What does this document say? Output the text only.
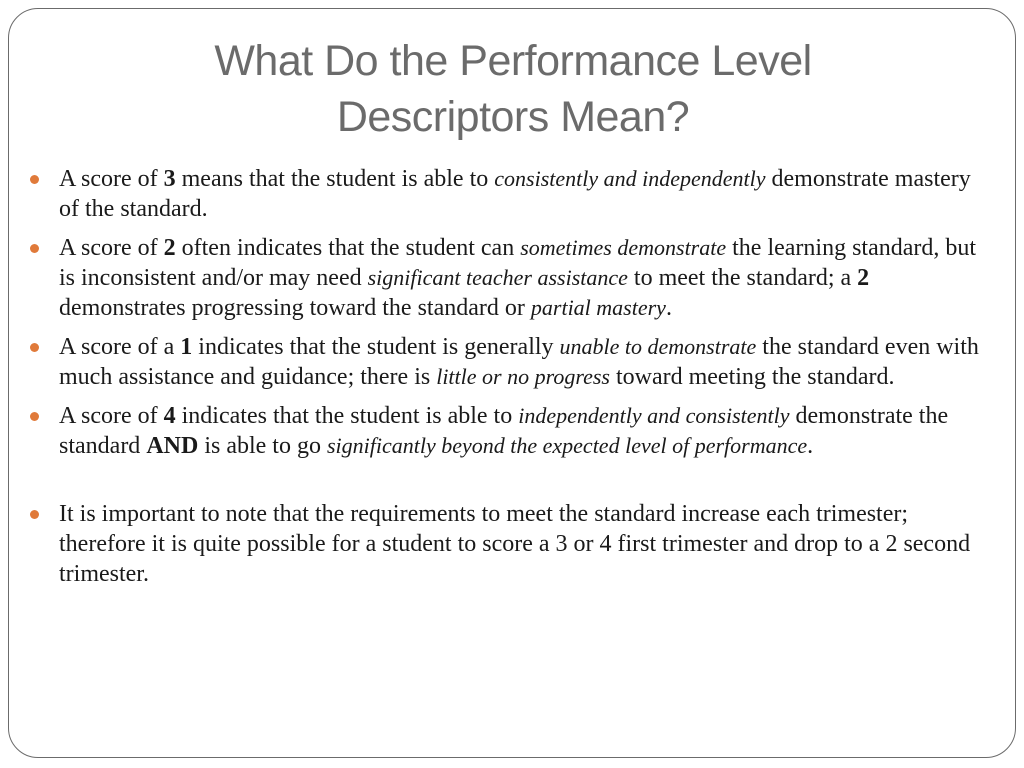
What Do the Performance Level
Descriptors Mean?
A score of 3 means that the student is able to consistently and independently demonstrate mastery of the standard.
A score of 2 often indicates that the student can sometimes demonstrate the learning standard, but is inconsistent and/or may need significant teacher assistance to meet the standard; a 2 demonstrates progressing toward the standard or partial mastery.
A score of a 1 indicates that the student is generally unable to demonstrate the standard even with much assistance and guidance; there is little or no progress toward meeting the standard.
A score of 4 indicates that the student is able to independently and consistently demonstrate the standard AND is able to go significantly beyond the expected level of performance.
It is important to note that the requirements to meet the standard increase each trimester; therefore it is quite possible for a student to score a 3 or 4 first trimester and drop to a 2 second trimester.
